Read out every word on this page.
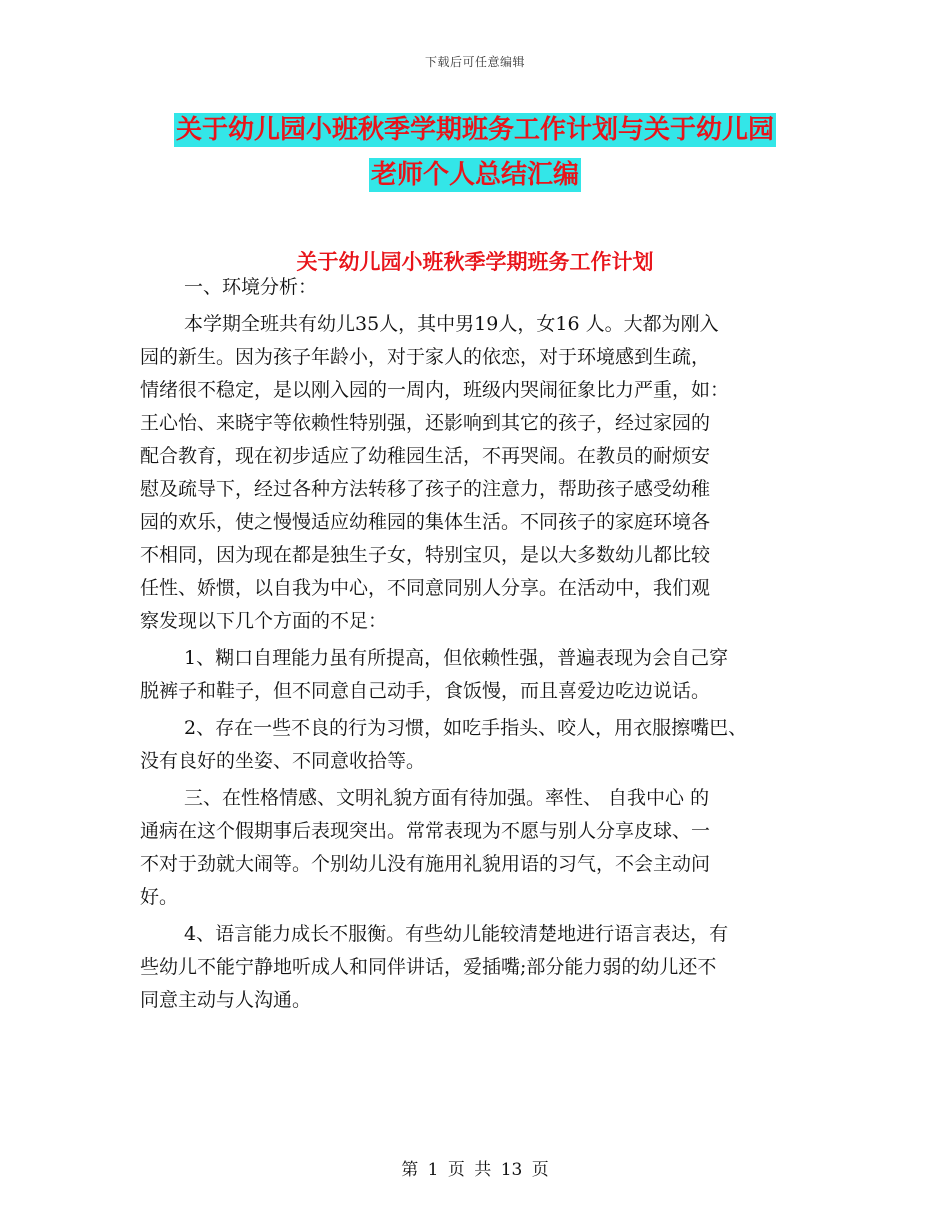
下载后可任意编辑
关于幼儿园小班秋季学期班务工作计划与关于幼儿园
老师个人总结汇编
关于幼儿园小班秋季学期班务工作计划
一、环境分析：
本学期全班共有幼儿35人，其中男19人，女16 人。大都为刚入
园的新生。因为孩子年龄小，对于家人的依恋，对于环境感到生疏，
情绪很不稳定，是以刚入园的一周内，班级内哭闹征象比力严重，如：
王心怡、来晓宇等依赖性特别强，还影响到其它的孩子，经过家园的
配合教育，现在初步适应了幼稚园生活，不再哭闹。在教员的耐烦安
慰及疏导下，经过各种方法转移了孩子的注意力，帮助孩子感受幼稚
园的欢乐，使之慢慢适应幼稚园的集体生活。不同孩子的家庭环境各
不相同，因为现在都是独生子女，特别宝贝，是以大多数幼儿都比较
任性、娇惯，以自我为中心，不同意同别人分享。在活动中，我们观
察发现以下几个方面的不足：
1、糊口自理能力虽有所提高，但依赖性强，普遍表现为会自己穿
脱裤子和鞋子，但不同意自己动手，食饭慢，而且喜爱边吃边说话。
2、存在一些不良的行为习惯，如吃手指头、咬人，用衣服擦嘴巴、
没有良好的坐姿、不同意收拾等。
三、在性格情感、文明礼貌方面有待加强。率性、 自我中心 的
通病在这个假期事后表现突出。常常表现为不愿与别人分享皮球、一
不对于劲就大闹等。个别幼儿没有施用礼貌用语的习气，不会主动问
好。
4、语言能力成长不服衡。有些幼儿能较清楚地进行语言表达，有
些幼儿不能宁静地听成人和同伴讲话，爱插嘴;部分能力弱的幼儿还不
同意主动与人沟通。
第 1 页 共 13 页
